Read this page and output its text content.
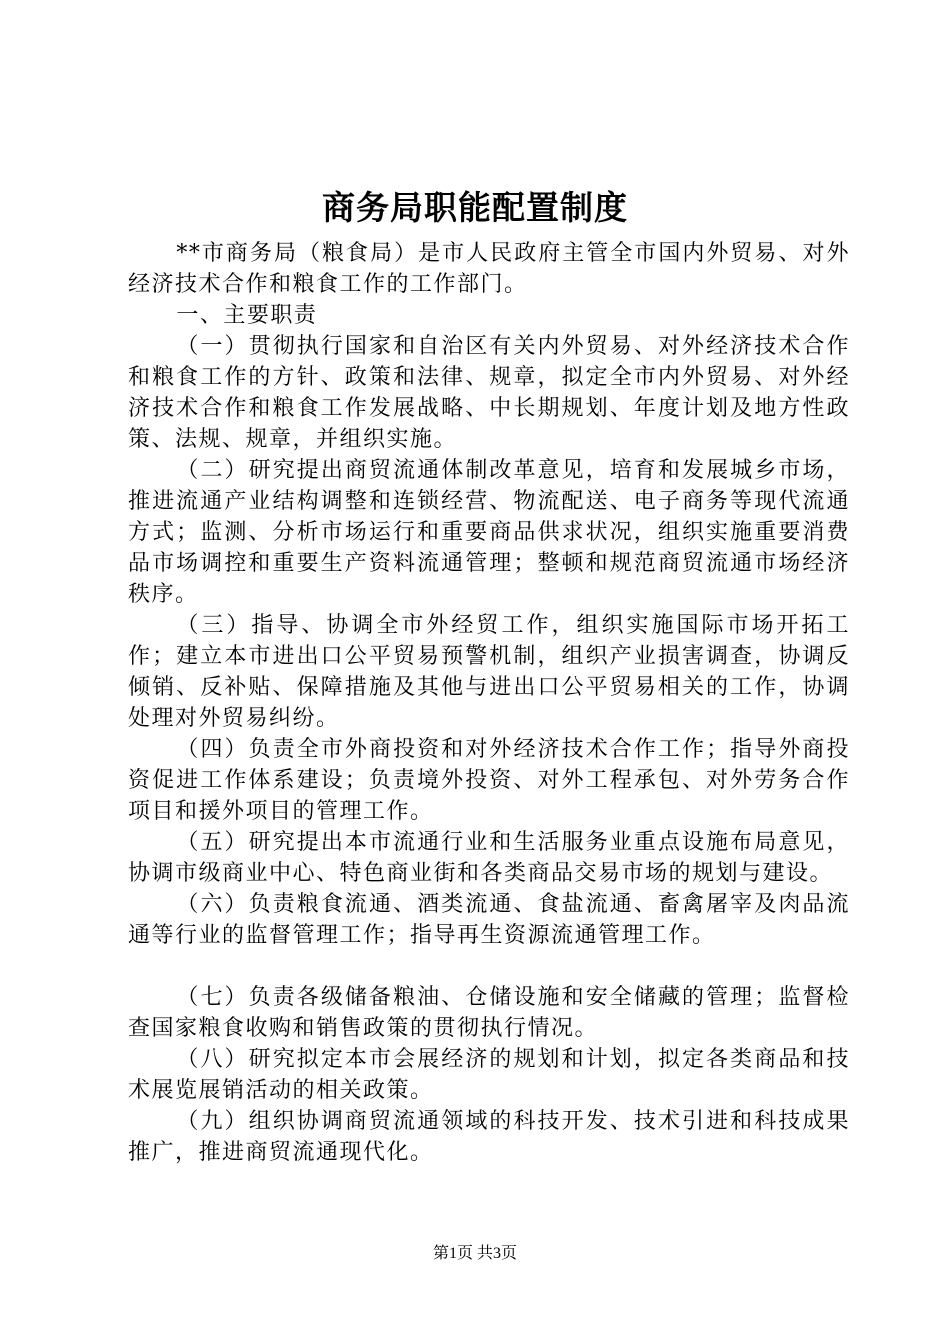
商务局职能配置制度

**市商务局（粮食局）是市人民政府主管全市国内外贸易、对外经济技术合作和粮食工作的工作部门。

一、主要职责

（一）贯彻执行国家和自治区有关内外贸易、对外经济技术合作和粮食工作的方针、政策和法律、规章，拟定全市内外贸易、对外经济技术合作和粮食工作发展战略、中长期规划、年度计划及地方性政策、法规、规章，并组织实施。

（二）研究提出商贸流通体制改革意见，培育和发展城乡市场，推进流通产业结构调整和连锁经营、物流配送、电子商务等现代流通方式；监测、分析市场运行和重要商品供求状况，组织实施重要消费品市场调控和重要生产资料流通管理；整顿和规范商贸流通市场经济秩序。

（三）指导、协调全市外经贸工作，组织实施国际市场开拓工作；建立本市进出口公平贸易预警机制，组织产业损害调查，协调反倾销、反补贴、保障措施及其他与进出口公平贸易相关的工作，协调处理对外贸易纠纷。

（四）负责全市外商投资和对外经济技术合作工作；指导外商投资促进工作体系建设；负责境外投资、对外工程承包、对外劳务合作项目和援外项目的管理工作。

（五）研究提出本市流通行业和生活服务业重点设施布局意见，协调市级商业中心、特色商业街和各类商品交易市场的规划与建设。

（六）负责粮食流通、酒类流通、食盐流通、畜禽屠宰及肉品流通等行业的监督管理工作；指导再生资源流通管理工作。

（七）负责各级储备粮油、仓储设施和安全储藏的管理；监督检查国家粮食收购和销售政策的贯彻执行情况。

（八）研究拟定本市会展经济的规划和计划，拟定各类商品和技术展览展销活动的相关政策。

（九）组织协调商贸流通领域的科技开发、技术引进和科技成果推广，推进商贸流通现代化。

第1页 共3页
